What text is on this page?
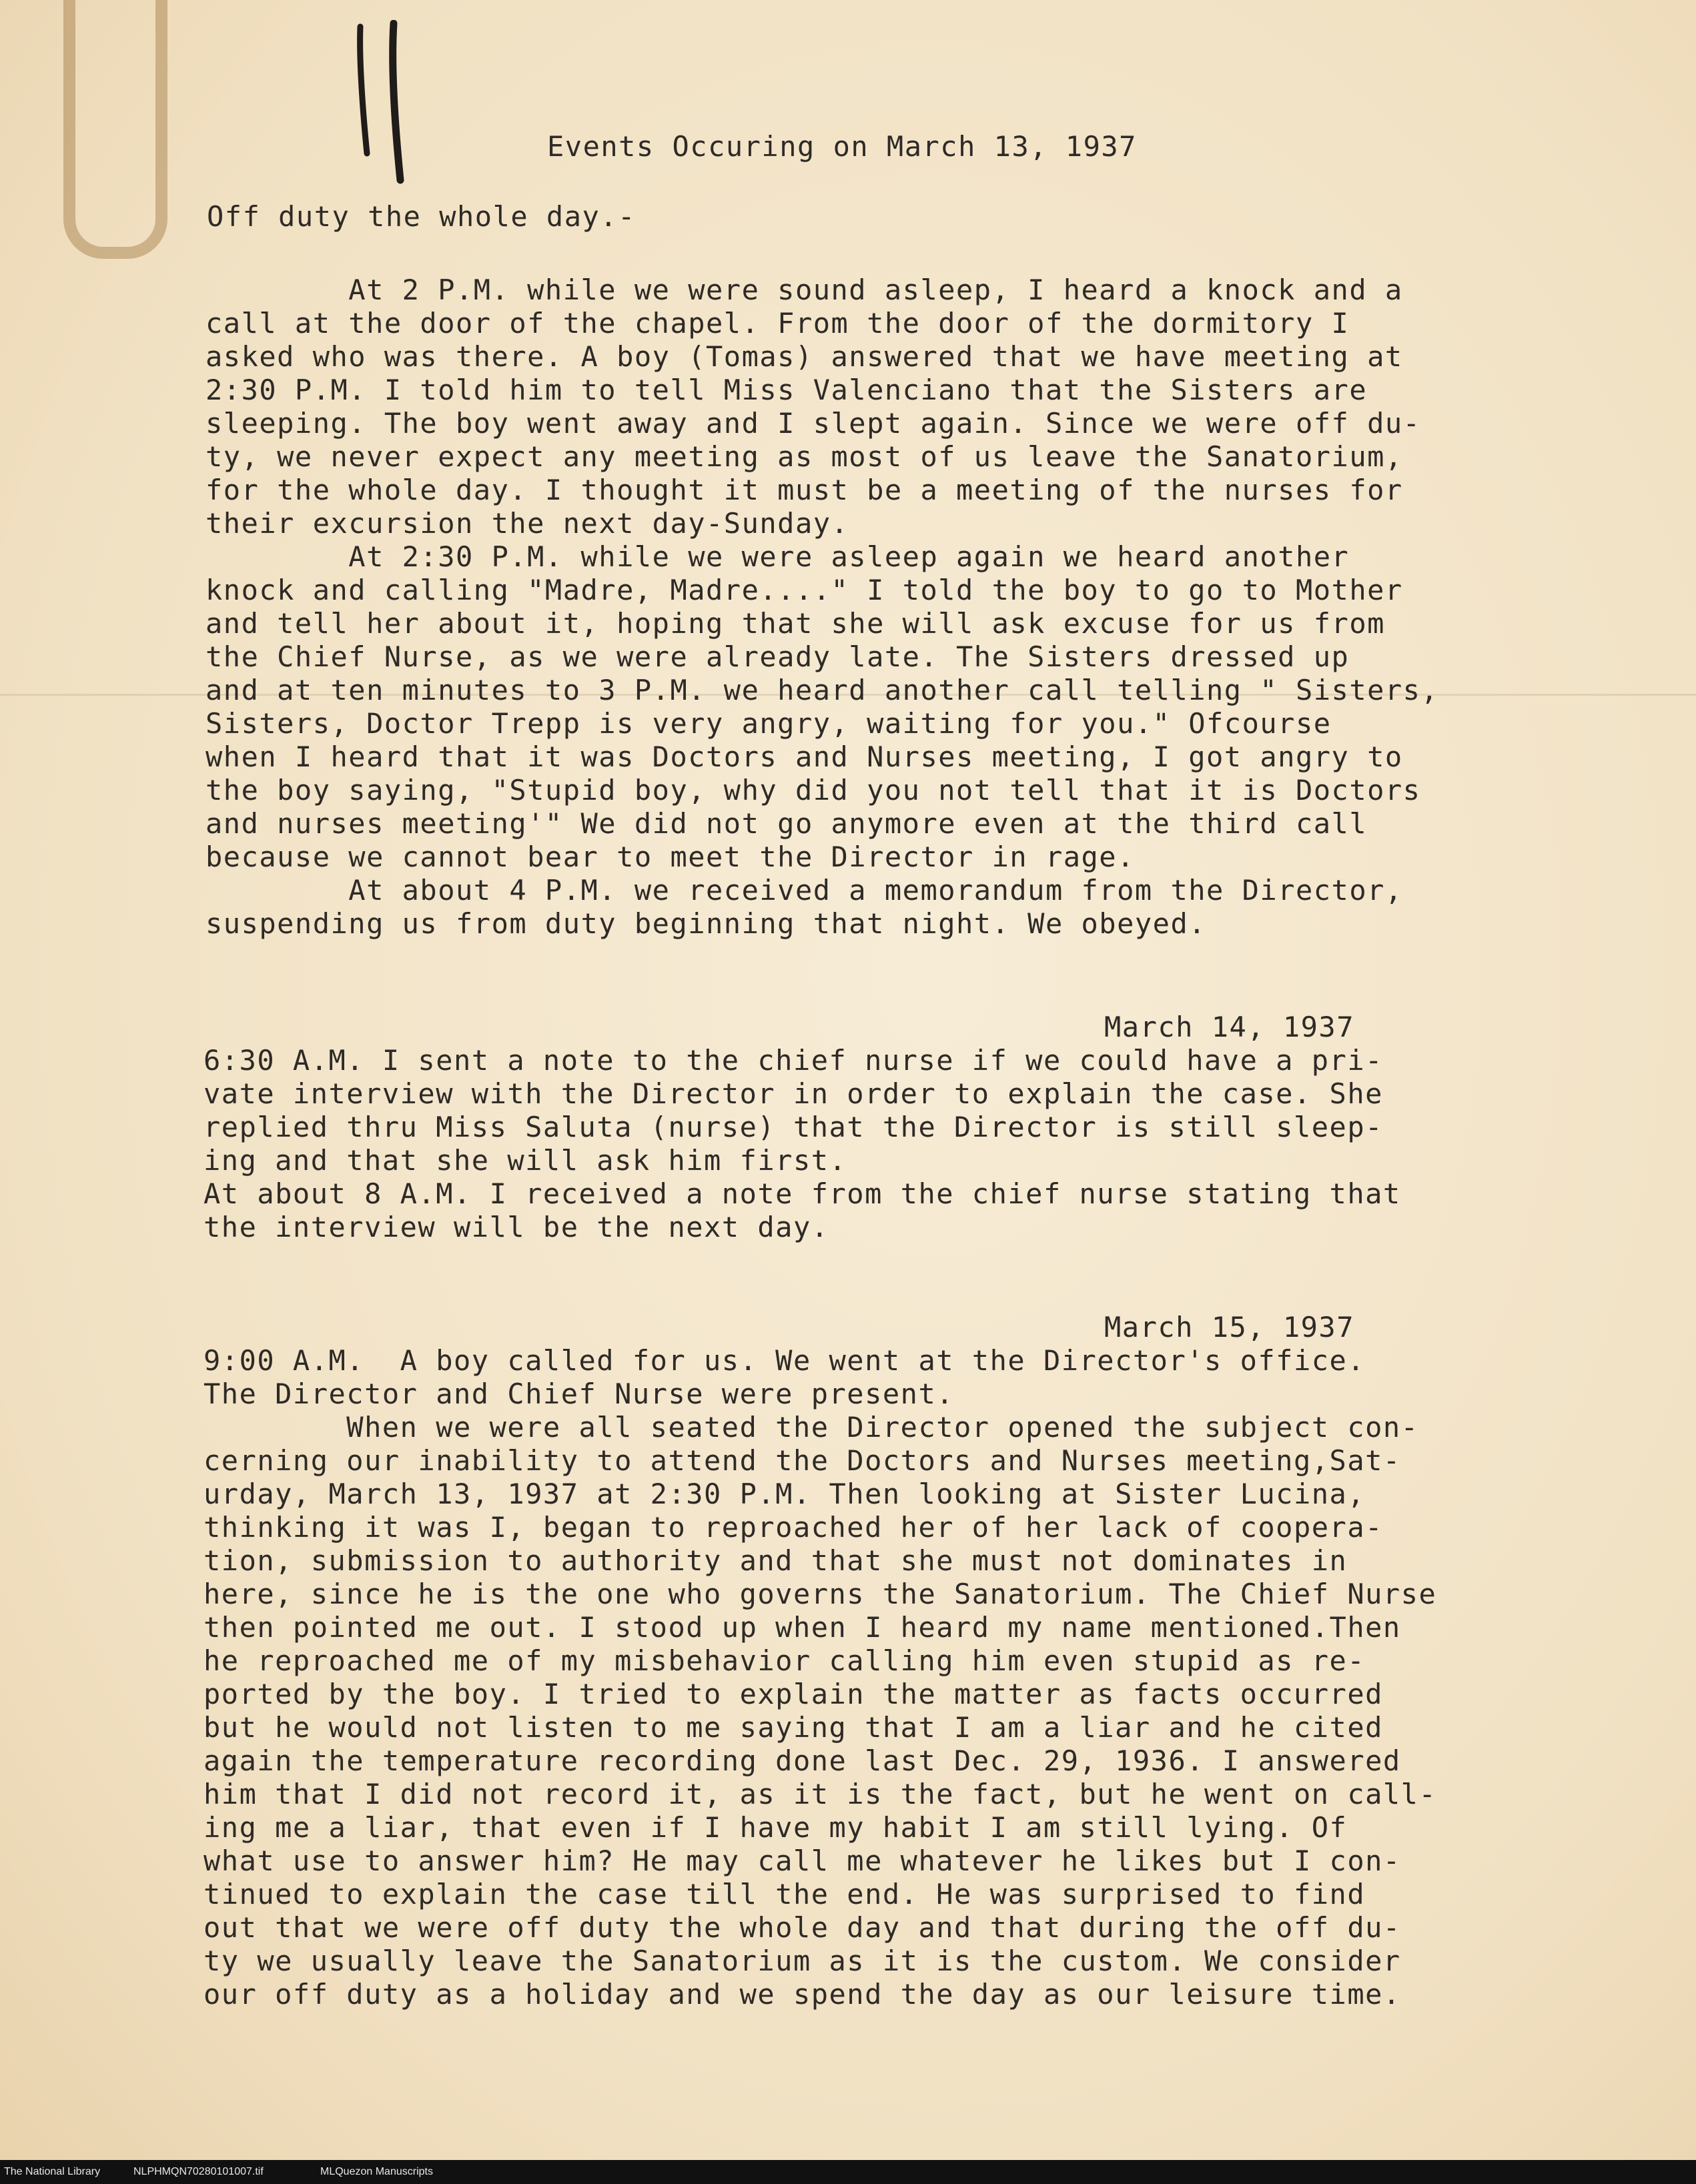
Events Occuring on March 13, 1937

Off duty the whole day.-

At 2 P.M. while we were sound asleep, I heard a knock and a
call at the door of the chapel. From the door of the dormitory I
asked who was there. A boy (Tomas) answered that we have meeting at
2:30 P.M. I told him to tell Miss Valenciano that the Sisters are
sleeping. The boy went away and I slept again. Since we were off du-
ty, we never expect any meeting as most of us leave the Sanatorium,
for the whole day. I thought it must be a meeting of the nurses for
their excursion the next day-Sunday.
At 2:30 P.M. while we were asleep again we heard another
knock and calling "Madre, Madre...." I told the boy to go to Mother
and tell her about it, hoping that she will ask excuse for us from
the Chief Nurse, as we were already late. The Sisters dressed up
and at ten minutes to 3 P.M. we heard another call telling " Sisters,
Sisters, Doctor Trepp is very angry, waiting for you." Ofcourse
when I heard that it was Doctors and Nurses meeting, I got angry to
the boy saying, "Stupid boy, why did you not tell that it is Doctors
and nurses meeting'" We did not go anymore even at the third call
because we cannot bear to meet the Director in rage.
At about 4 P.M. we received a memorandum from the Director,
suspending us from duty beginning that night. We obeyed.

March 14, 1937

6:30 A.M. I sent a note to the chief nurse if we could have a pri-
vate interview with the Director in order to explain the case. She
replied thru Miss Saluta (nurse) that the Director is still sleep-
ing and that she will ask him first.
At about 8 A.M. I received a note from the chief nurse stating that
the interview will be the next day.

March 15, 1937

9:00 A.M.  A boy called for us. We went at the Director's office.
The Director and Chief Nurse were present.
When we were all seated the Director opened the subject con-
cerning our inability to attend the Doctors and Nurses meeting,Sat-
urday, March 13, 1937 at 2:30 P.M. Then looking at Sister Lucina,
thinking it was I, began to reproached her of her lack of coopera-
tion, submission to authority and that she must not dominates in
here, since he is the one who governs the Sanatorium. The Chief Nurse
then pointed me out. I stood up when I heard my name mentioned.Then
he reproached me of my misbehavior calling him even stupid as re-
ported by the boy. I tried to explain the matter as facts occurred
but he would not listen to me saying that I am a liar and he cited
again the temperature recording done last Dec. 29, 1936. I answered
him that I did not record it, as it is the fact, but he went on call-
ing me a liar, that even if I have my habit I am still lying. Of
what use to answer him? He may call me whatever he likes but I con-
tinued to explain the case till the end. He was surprised to find
out that we were off duty the whole day and that during the off du-
ty we usually leave the Sanatorium as it is the custom. We consider
our off duty as a holiday and we spend the day as our leisure time.
The National Library	NLPHMQN70280101007.tif	MLQuezon Manuscripts
